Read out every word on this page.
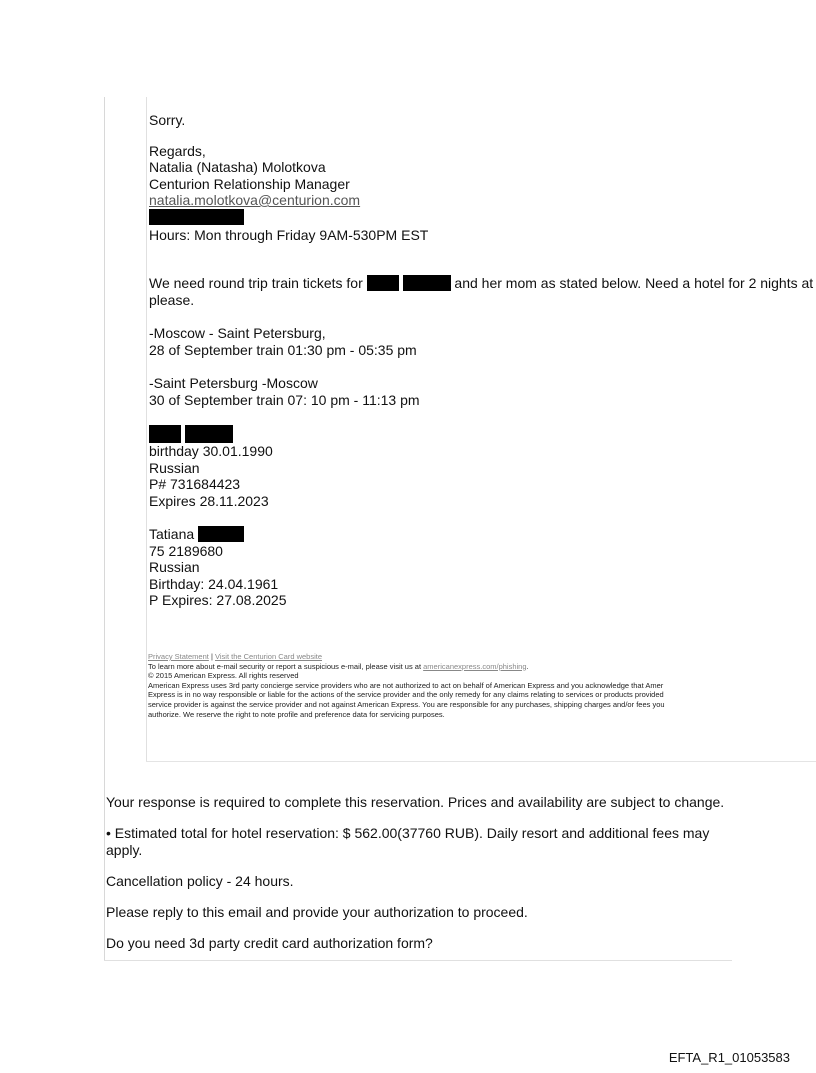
Sorry.

Regards,

Natalia (Natasha) Molotkova

Centurion Relationship Manager

natalia.molotkova@centurion.com

Hours: Mon through Friday 9AM-530PM EST

We need round trip train tickets for	and her mom as stated below. Need a hotel for 2 nights at

please.

-Moscow - Saint Petersburg,

28 of September train 01:30 pm - 05:35 pm

-Saint Petersburg -Moscow

30 of September train 07: 10 pm - 11:13 pm

birthday 30.01.1990

Russian

P# 731684423

Expires 28.11.2023

Tatiana

75 2189680

Russian

Birthday: 24.04.1961

P Expires: 27.08.2025

Privacy Statement | Visit the Centurion Card website

To learn more about e-mail security or report a suspicious e-mail, please visit us at americanexpress.com/phishing.

© 2015 American Express. All rights reserved

American Express uses 3rd party concierge service providers who are not authorized to act on behalf of American Express and you acknowledge that Amer

Express is in no way responsible or liable for the actions of the service provider and the only remedy for any claims relating to services or products provided

service provider is against the service provider and not against American Express. You are responsible for any purchases, shipping charges and/or fees you

authorize. We reserve the right to note profile and preference data for servicing purposes.

Your response is required to complete this reservation. Prices and availability are subject to change.

• Estimated total for hotel reservation: $ 562.00(37760 RUB). Daily resort and additional fees may apply.

Cancellation policy - 24 hours.

Please reply to this email and provide your authorization to proceed.

Do you need 3d party credit card authorization form?

EFTA_R1_01053583
